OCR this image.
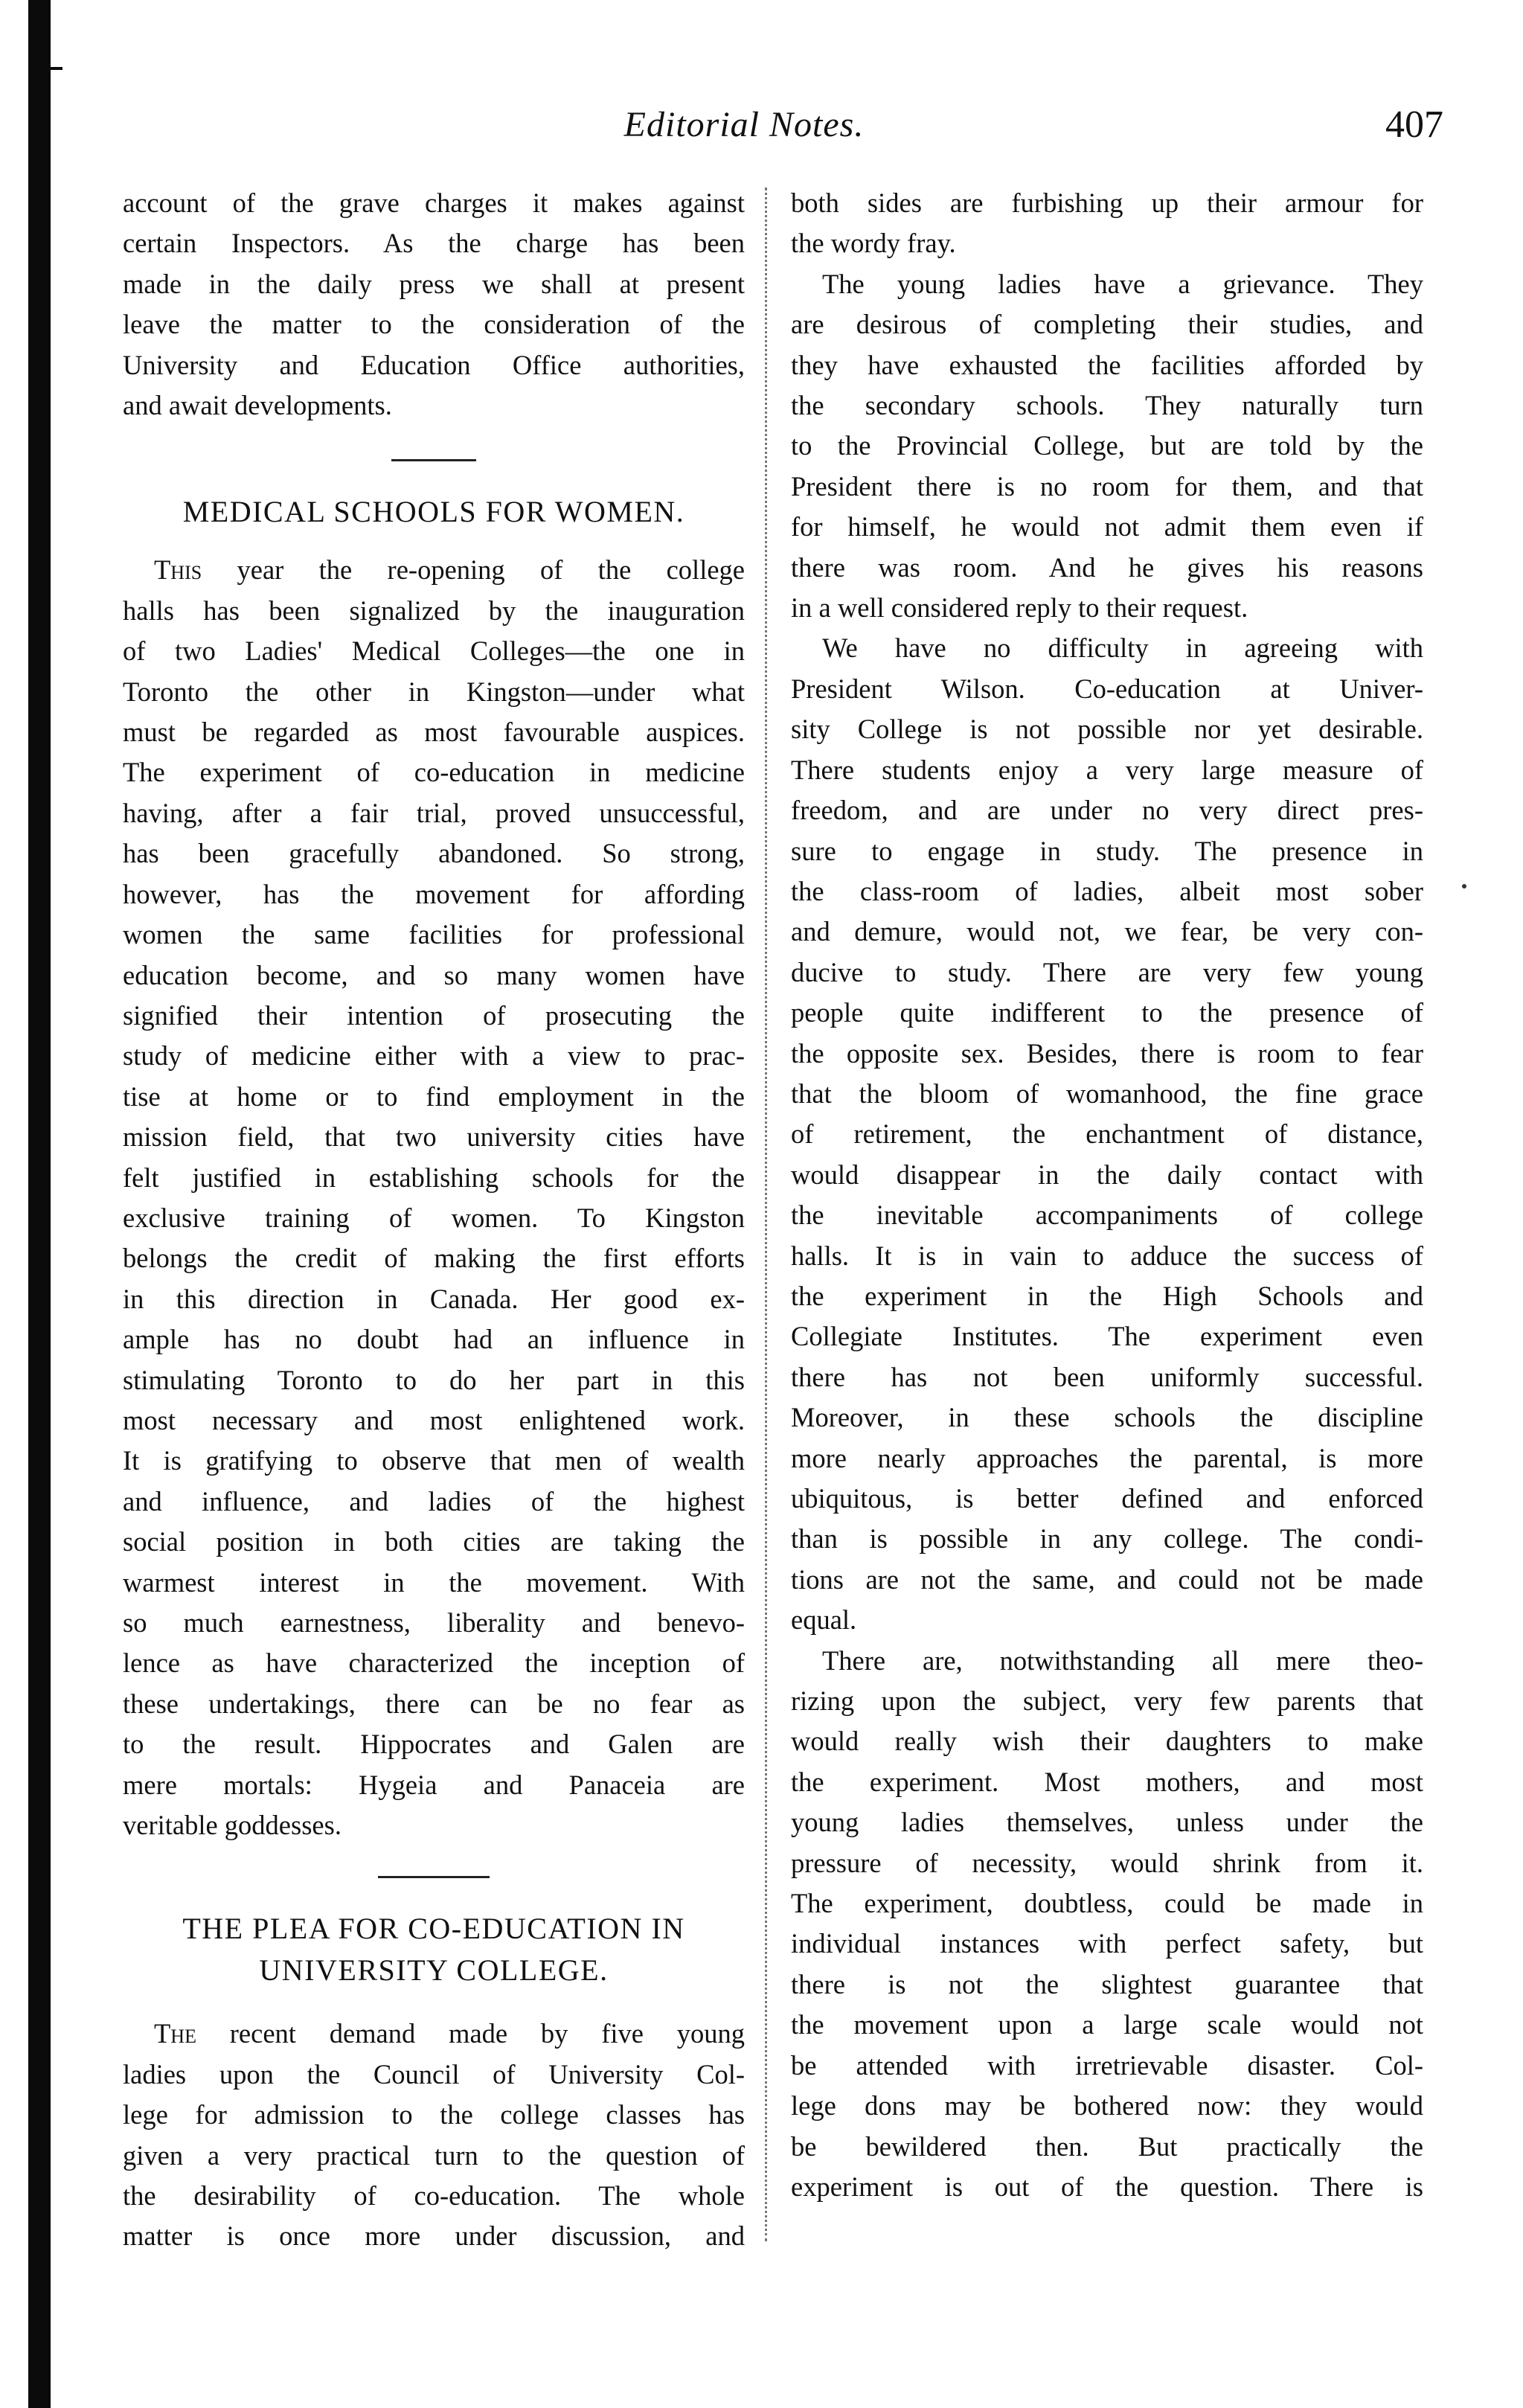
Editorial Notes.	407

account of the grave charges it makes against

certain Inspectors. As the charge has been

made in the daily press we shall at present

leave the matter to the consideration of the

University and Education Office authorities,

and await developments.

MEDICAL SCHOOLS FOR WOMEN.

This year the re-opening of the college

halls has been signalized by the inauguration

of two Ladies' Medical Colleges—the one in

Toronto the other in Kingston—under what

must be regarded as most favourable auspices.

The experiment of co-education in medicine

having, after a fair trial, proved unsuccessful,

has been gracefully abandoned. So strong,

however, has the movement for affording

women the same facilities for professional

education become, and so many women have

signified their intention of prosecuting the

study of medicine either with a view to prac-

tise at home or to find employment in the

mission field, that two university cities have

felt justified in establishing schools for the

exclusive training of women. To Kingston

belongs the credit of making the first efforts

in this direction in Canada. Her good ex-

ample has no doubt had an influence in

stimulating Toronto to do her part in this

most necessary and most enlightened work.

It is gratifying to observe that men of wealth

and influence, and ladies of the highest

social position in both cities are taking the

warmest interest in the movement. With

so much earnestness, liberality and benevo-

lence as have characterized the inception of

these undertakings, there can be no fear as

to the result. Hippocrates and Galen are

mere mortals: Hygeia and Panaceia are

veritable goddesses.

THE PLEA FOR CO-EDUCATION IN
UNIVERSITY COLLEGE.

The recent demand made by five young

ladies upon the Council of University Col-

lege for admission to the college classes has

given a very practical turn to the question of

the desirability of co-education. The whole

matter is once more under discussion, and

both sides are furbishing up their armour for

the wordy fray.

The young ladies have a grievance. They

are desirous of completing their studies, and

they have exhausted the facilities afforded by

the secondary schools. They naturally turn

to the Provincial College, but are told by the

President there is no room for them, and that

for himself, he would not admit them even if

there was room. And he gives his reasons

in a well considered reply to their request.

We have no difficulty in agreeing with

President Wilson. Co-education at Univer-

sity College is not possible nor yet desirable.

There students enjoy a very large measure of

freedom, and are under no very direct pres-

sure to engage in study. The presence in

the class-room of ladies, albeit most sober

and demure, would not, we fear, be very con-

ducive to study. There are very few young

people quite indifferent to the presence of

the opposite sex. Besides, there is room to fear

that the bloom of womanhood, the fine grace

of retirement, the enchantment of distance,

would disappear in the daily contact with

the inevitable accompaniments of college

halls. It is in vain to adduce the success of

the experiment in the High Schools and

Collegiate Institutes. The experiment even

there has not been uniformly successful.

Moreover, in these schools the discipline

more nearly approaches the parental, is more

ubiquitous, is better defined and enforced

than is possible in any college. The condi-

tions are not the same, and could not be made

equal.

There are, notwithstanding all mere theo-

rizing upon the subject, very few parents that

would really wish their daughters to make

the experiment. Most mothers, and most

young ladies themselves, unless under the

pressure of necessity, would shrink from it.

The experiment, doubtless, could be made in

individual instances with perfect safety, but

there is not the slightest guarantee that

the movement upon a large scale would not

be attended with irretrievable disaster. Col-

lege dons may be bothered now: they would

be bewildered then. But practically the

experiment is out of the question. There is
